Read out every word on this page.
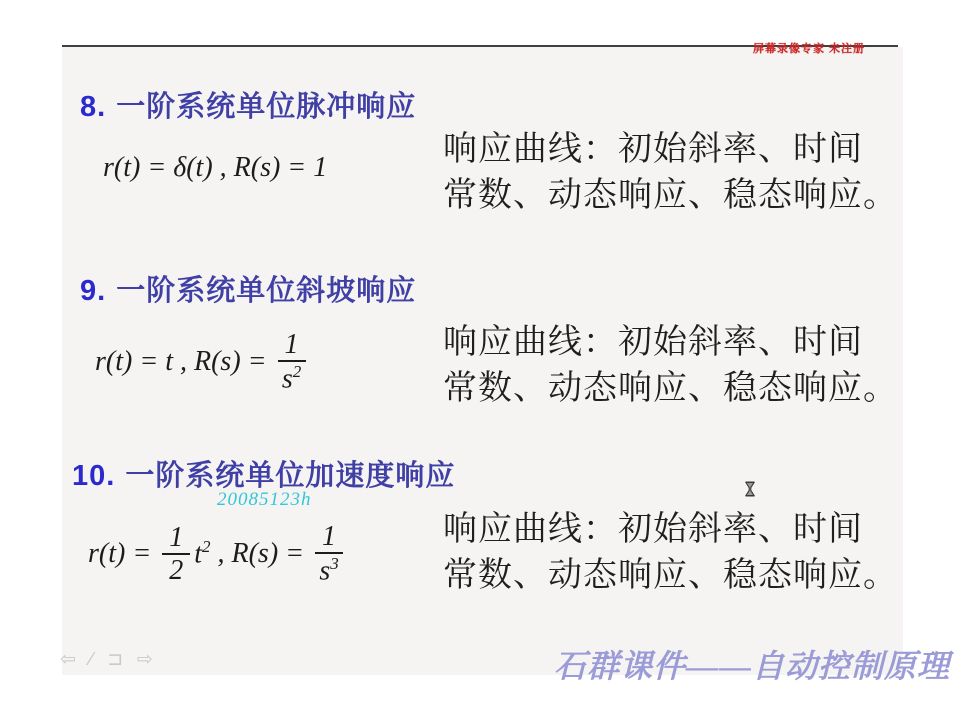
屏幕录像专家 未注册
8. 一阶系统单位脉冲响应
r(t) = δ(t) , R(s) = 1	响应曲线：初始斜率、时间
常数、动态响应、稳态响应。
9. 一阶系统单位斜坡响应
r(t) = t , $R(s) = \frac{1}{s^2}$	响应曲线：初始斜率、时间
常数、动态响应、稳态响应。
10. 一阶系统单位加速度响应
20085123h
$r(t) = \frac{1}{2} t^2$ , $R(s) = \frac{1}{s^3}$	响应曲线：初始斜率、时间
常数、动态响应、稳态响应。
⇦ ∕ ⊐ ⇨	石群课件——自动控制原理
